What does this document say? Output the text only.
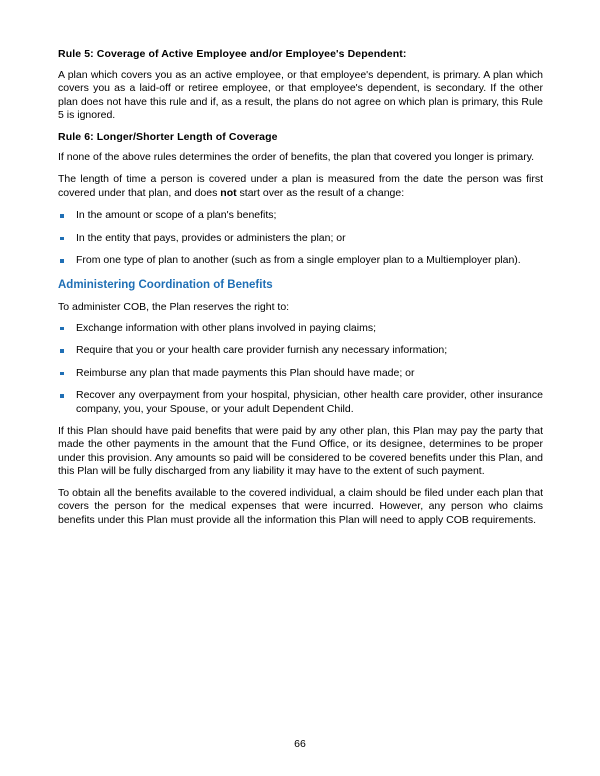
Rule 5: Coverage of Active Employee and/or Employee's Dependent:

A plan which covers you as an active employee, or that employee's dependent, is primary. A plan which covers you as a laid-off or retiree employee, or that employee's dependent, is secondary. If the other plan does not have this rule and if, as a result, the plans do not agree on which plan is primary, this Rule 5 is ignored.

Rule 6: Longer/Shorter Length of Coverage

If none of the above rules determines the order of benefits, the plan that covered you longer is primary.

The length of time a person is covered under a plan is measured from the date the person was first covered under that plan, and does not start over as the result of a change:

In the amount or scope of a plan's benefits;
In the entity that pays, provides or administers the plan; or
From one type of plan to another (such as from a single employer plan to a Multiemployer plan).
Administering Coordination of Benefits

To administer COB, the Plan reserves the right to:

Exchange information with other plans involved in paying claims;
Require that you or your health care provider furnish any necessary information;
Reimburse any plan that made payments this Plan should have made; or
Recover any overpayment from your hospital, physician, other health care provider, other insurance company, you, your Spouse, or your adult Dependent Child.

If this Plan should have paid benefits that were paid by any other plan, this Plan may pay the party that made the other payments in the amount that the Fund Office, or its designee, determines to be proper under this provision. Any amounts so paid will be considered to be covered benefits under this Plan, and this Plan will be fully discharged from any liability it may have to the extent of such payment.

To obtain all the benefits available to the covered individual, a claim should be filed under each plan that covers the person for the medical expenses that were incurred. However, any person who claims benefits under this Plan must provide all the information this Plan will need to apply COB requirements.

66
